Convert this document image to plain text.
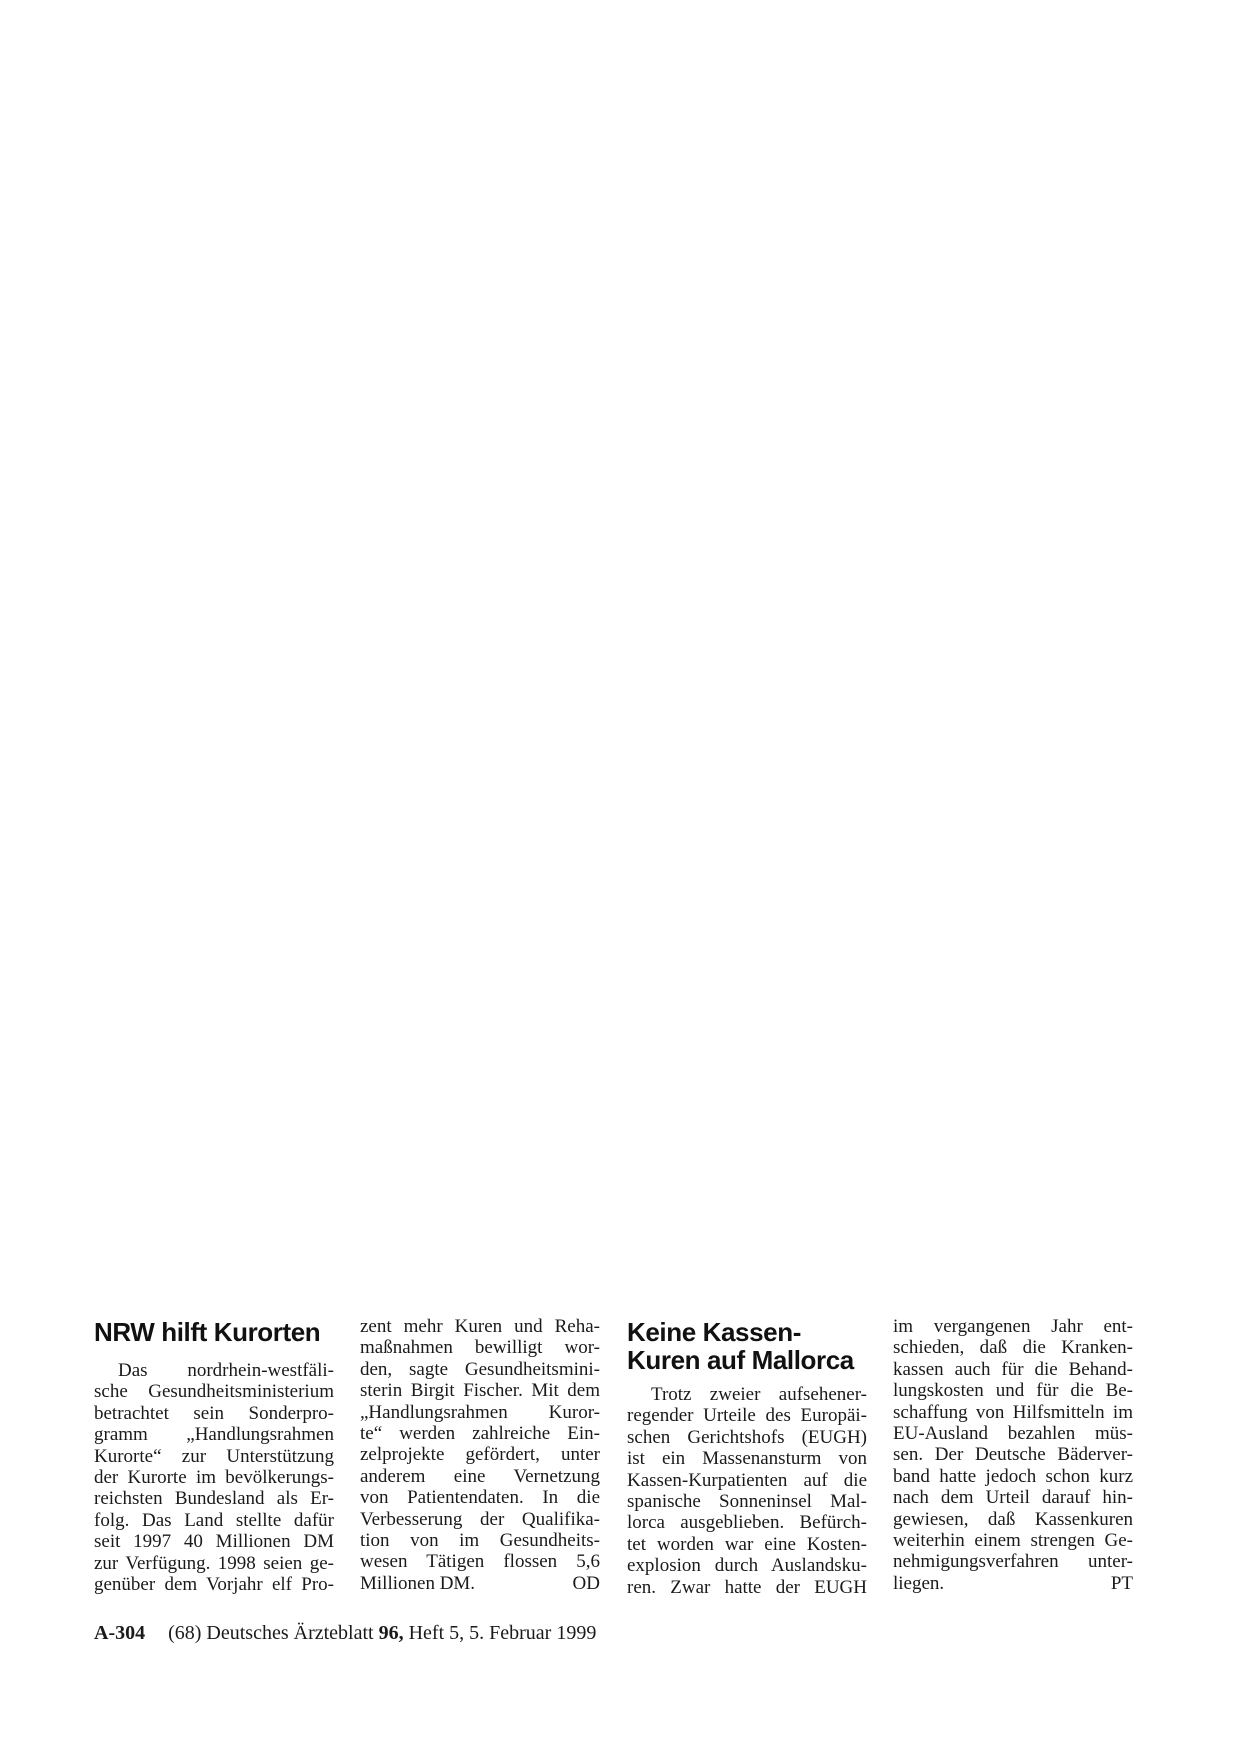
NRW hilft Kurorten
Das nordrhein-westfäli-
sche Gesundheitsministerium
betrachtet sein Sonderpro-
gramm „Handlungsrahmen
Kurorte“ zur Unterstützung
der Kurorte im bevölkerungs-
reichsten Bundesland als Er-
folg. Das Land stellte dafür
seit 1997 40 Millionen DM
zur Verfügung. 1998 seien ge-
genüber dem Vorjahr elf Pro-
zent mehr Kuren und Reha-
maßnahmen bewilligt wor-
den, sagte Gesundheitsmini-
sterin Birgit Fischer. Mit dem
„Handlungsrahmen Kuror-
te“ werden zahlreiche Ein-
zelprojekte gefördert, unter
anderem eine Vernetzung
von Patientendaten. In die
Verbesserung der Qualifika-
tion von im Gesundheits-
wesen Tätigen flossen 5,6
Millionen DM.	OD
Keine Kassen-
Kuren auf Mallorca
Trotz zweier aufsehener-
regender Urteile des Europäi-
schen Gerichtshofs (EUGH)
ist ein Massenansturm von
Kassen-Kurpatienten auf die
spanische Sonneninsel Mal-
lorca ausgeblieben. Befürch-
tet worden war eine Kosten-
explosion durch Auslandsku-
ren. Zwar hatte der EUGH
im vergangenen Jahr ent-
schieden, daß die Kranken-
kassen auch für die Behand-
lungskosten und für die Be-
schaffung von Hilfsmitteln im
EU-Ausland bezahlen müs-
sen. Der Deutsche Bäderver-
band hatte jedoch schon kurz
nach dem Urteil darauf hin-
gewiesen, daß Kassenkuren
weiterhin einem strengen Ge-
nehmigungsverfahren unter-
liegen.	PT
A-304 (68) Deutsches Ärzteblatt 96, Heft 5, 5. Februar 1999
